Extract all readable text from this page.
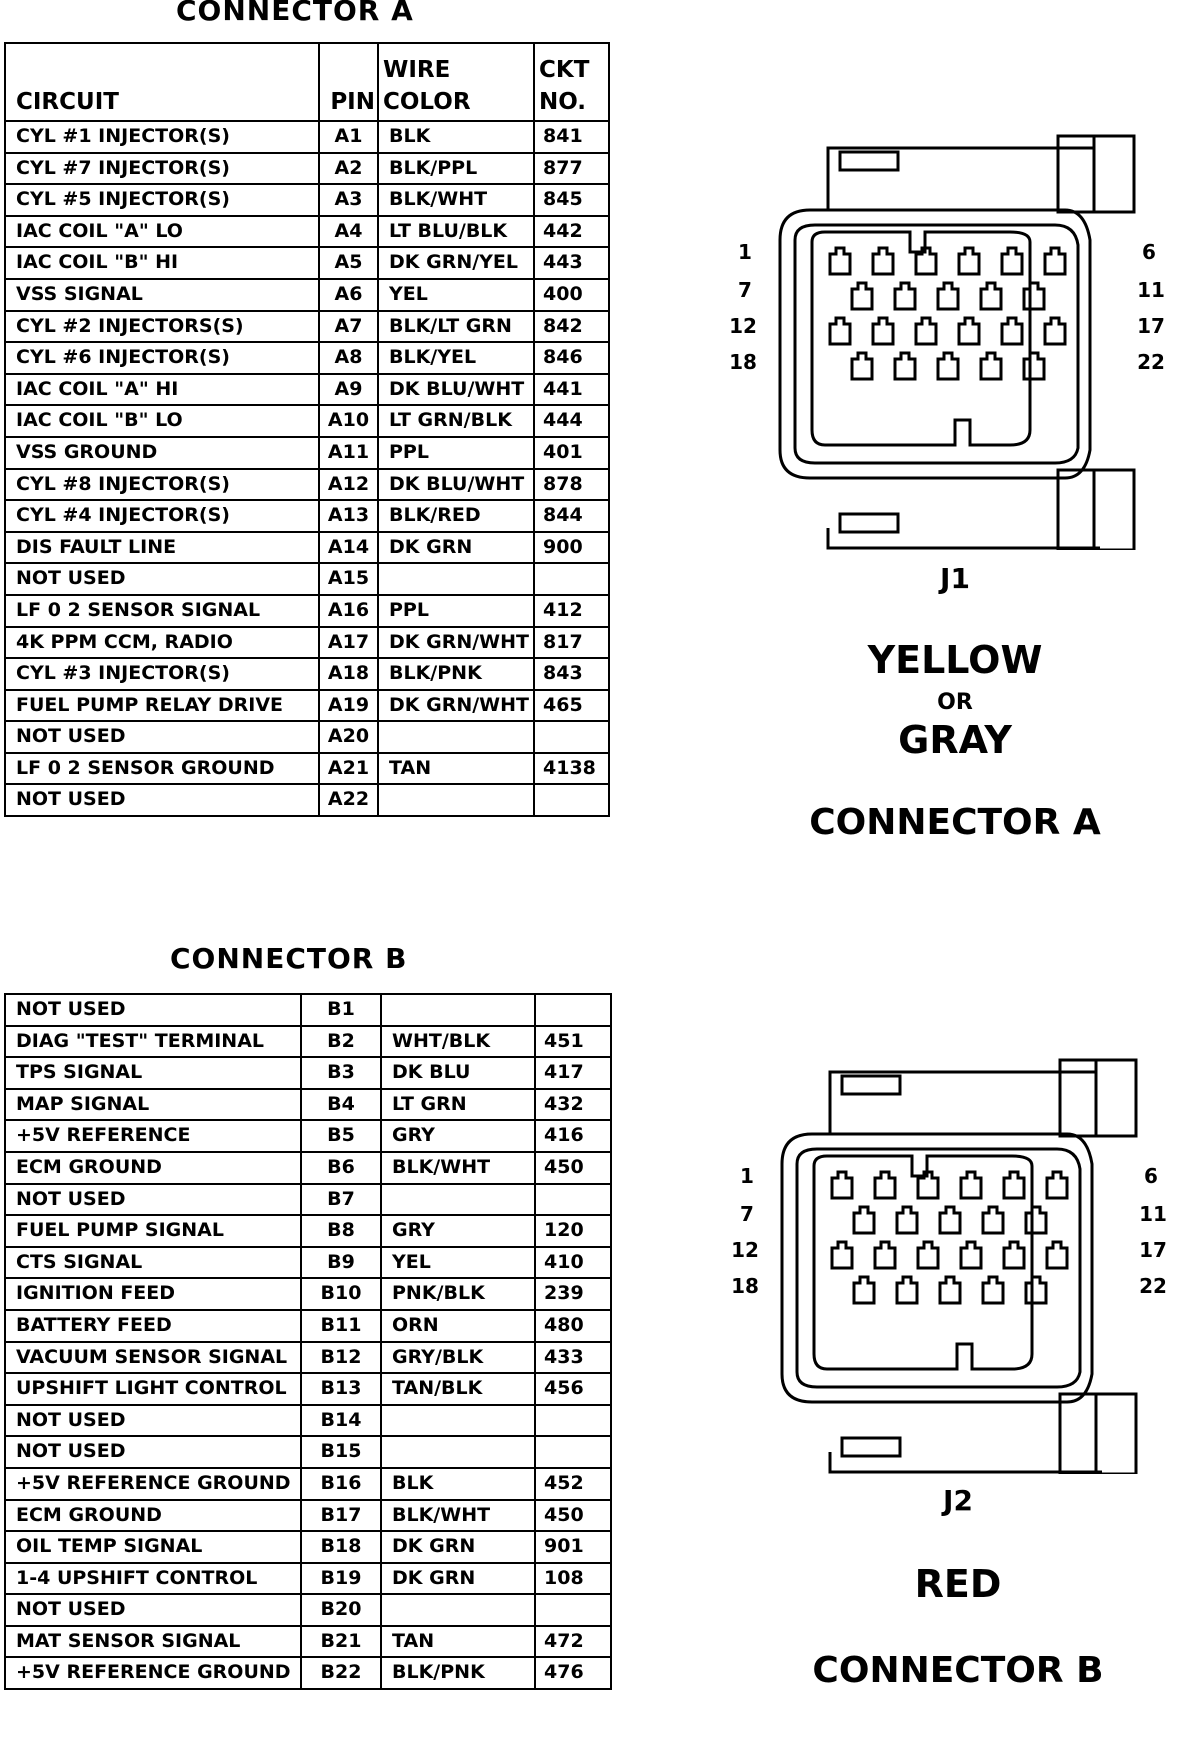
CONNECTOR A
CIRCUIT	PIN	WIRE COLOR	CKT NO.
CYL #1 INJECTOR(S)	A1	BLK	841
CYL #7 INJECTOR(S)	A2	BLK/PPL	877
CYL #5 INJECTOR(S)	A3	BLK/WHT	845
IAC COIL "A" LO	A4	LT BLU/BLK	442
IAC COIL "B" HI	A5	DK GRN/YEL	443
VSS SIGNAL	A6	YEL	400
CYL #2 INJECTORS(S)	A7	BLK/LT GRN	842
CYL #6 INJECTOR(S)	A8	BLK/YEL	846
IAC COIL "A" HI	A9	DK BLU/WHT	441
IAC COIL "B" LO	A10	LT GRN/BLK	444
VSS GROUND	A11	PPL	401
CYL #8 INJECTOR(S)	A12	DK BLU/WHT	878
CYL #4 INJECTOR(S)	A13	BLK/RED	844
DIS FAULT LINE	A14	DK GRN	900
NOT USED	A15		
LF 0 2 SENSOR SIGNAL	A16	PPL	412
4K PPM CCM, RADIO	A17	DK GRN/WHT	817
CYL #3 INJECTOR(S)	A18	BLK/PNK	843
FUEL PUMP RELAY DRIVE	A19	DK GRN/WHT	465
NOT USED	A20		
LF 0 2 SENSOR GROUND	A21	TAN	4138
NOT USED	A22		
1
7
12
18
6
11
17
22
J1
YELLOW
OR
GRAY
CONNECTOR A
CONNECTOR B
NOT USED	B1		
DIAG "TEST" TERMINAL	B2	WHT/BLK	451
TPS SIGNAL	B3	DK BLU	417
MAP SIGNAL	B4	LT GRN	432
+5V REFERENCE	B5	GRY	416
ECM GROUND	B6	BLK/WHT	450
NOT USED	B7		
FUEL PUMP SIGNAL	B8	GRY	120
CTS SIGNAL	B9	YEL	410
IGNITION FEED	B10	PNK/BLK	239
BATTERY FEED	B11	ORN	480
VACUUM SENSOR SIGNAL	B12	GRY/BLK	433
UPSHIFT LIGHT CONTROL	B13	TAN/BLK	456
NOT USED	B14		
NOT USED	B15		
+5V REFERENCE GROUND	B16	BLK	452
ECM GROUND	B17	BLK/WHT	450
OIL TEMP SIGNAL	B18	DK GRN	901
1-4 UPSHIFT CONTROL	B19	DK GRN	108
NOT USED	B20		
MAT SENSOR SIGNAL	B21	TAN	472
+5V REFERENCE GROUND	B22	BLK/PNK	476
1
7
12
18
6
11
17
22
J2
RED
CONNECTOR B
